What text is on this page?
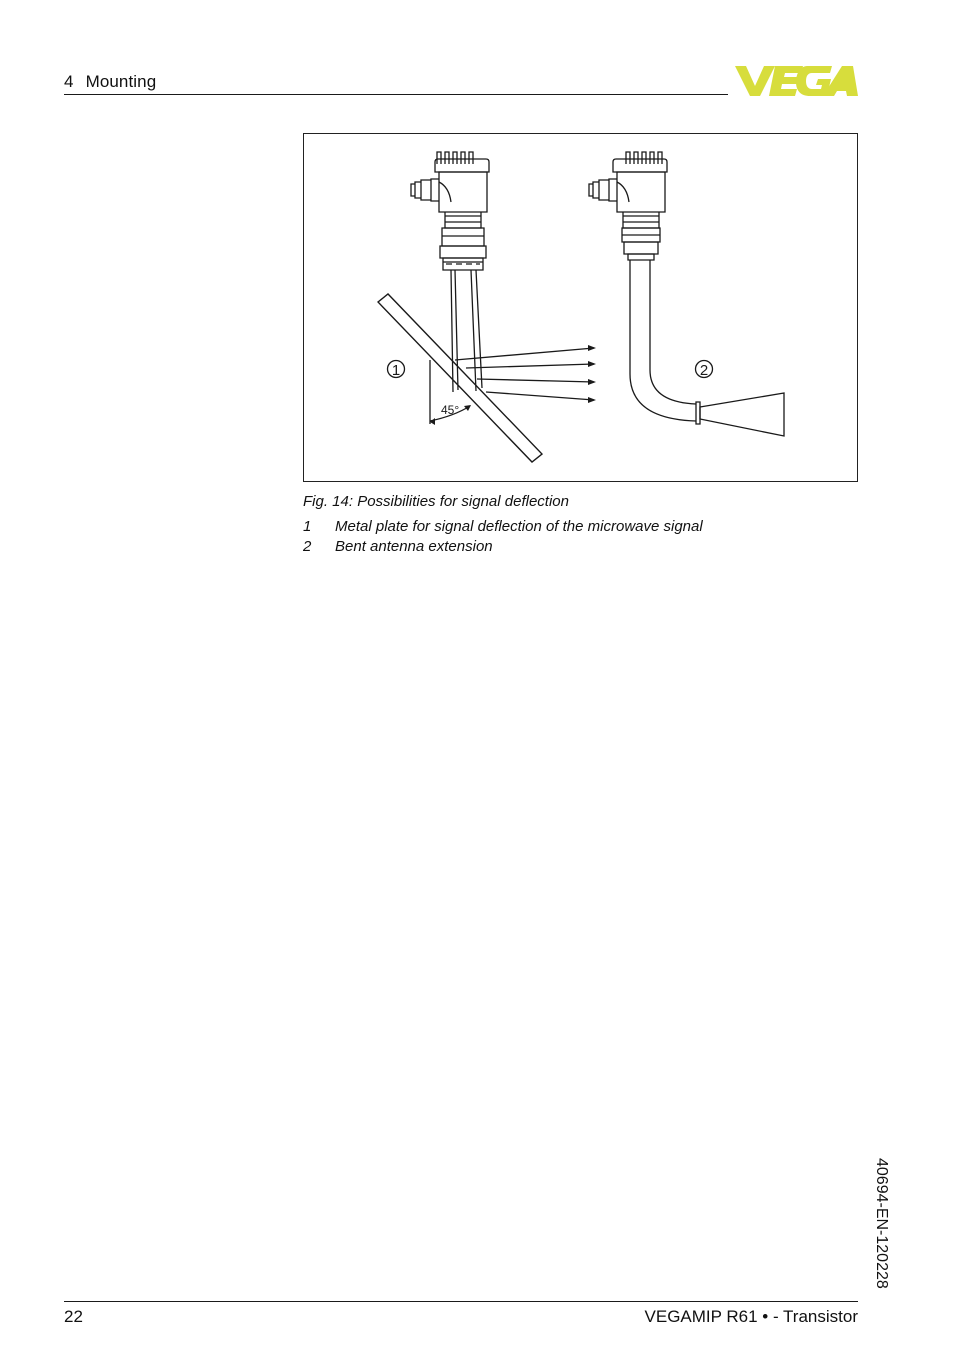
4 Mounting
1	2
45°
Fig. 14: Possibilities for signal deflection
1 Metal plate for signal deflection of the microwave signal
2 Bent antenna extension
40694-EN-120228
22	VEGAMIP R61 • - Transistor
